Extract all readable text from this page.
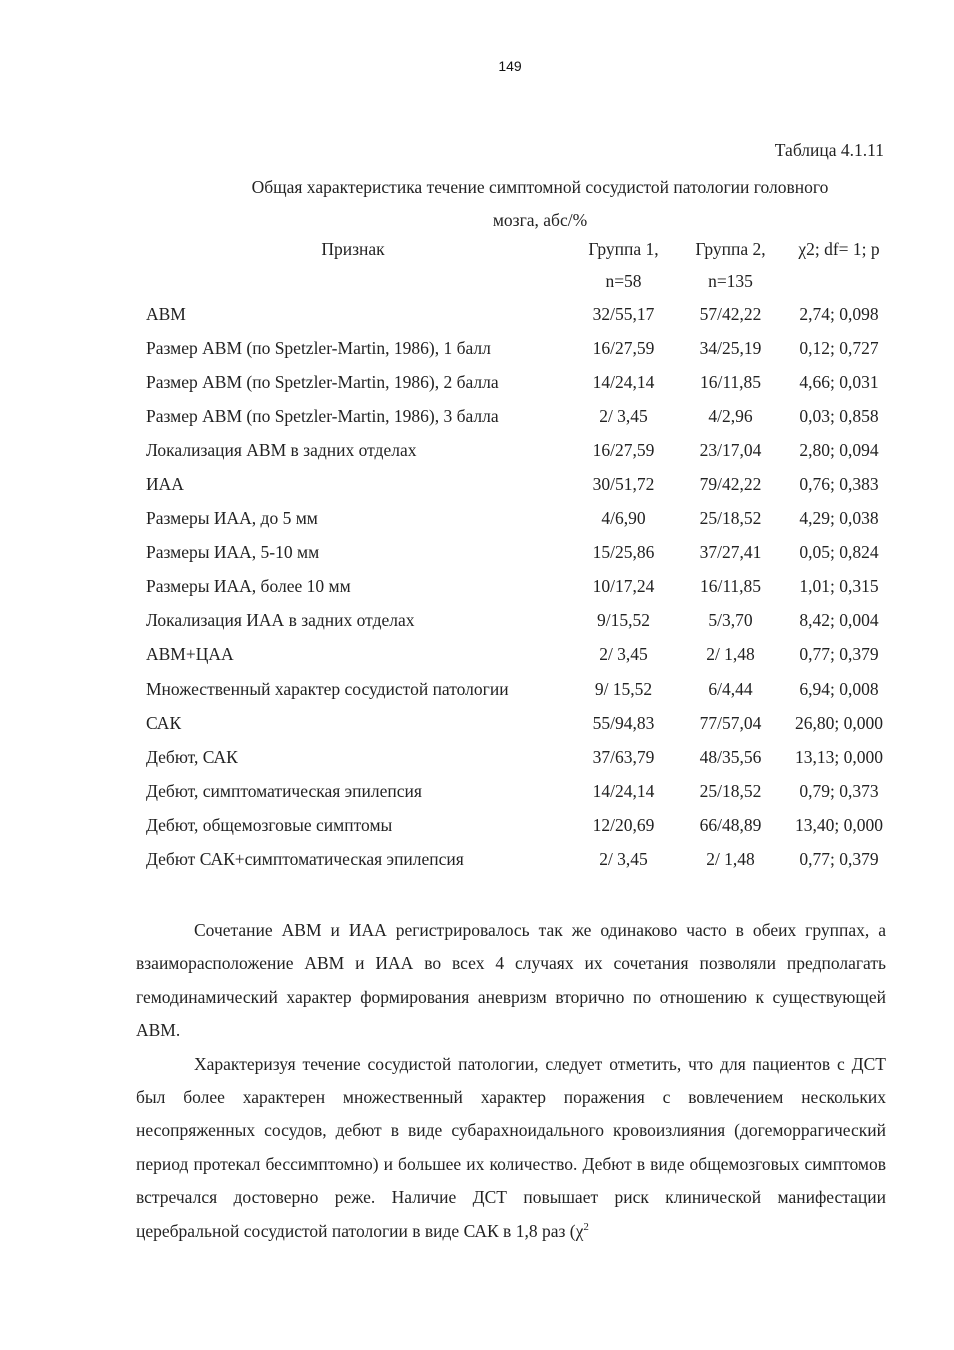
149
Таблица 4.1.11
Общая характеристика течение симптомной сосудистой патологии головного
мозга, абс/%
Признак	Группа 1,	Группа 2,	χ2; df= 1; p
	n=58	n=135	
АВМ	32/55,17	57/42,22	2,74; 0,098
Размер АВМ (по Spetzler-Martin, 1986), 1 балл	16/27,59	34/25,19	0,12; 0,727
Размер АВМ (по Spetzler-Martin, 1986), 2 балла	14/24,14	16/11,85	4,66; 0,031
Размер АВМ (по Spetzler-Martin, 1986), 3 балла	2/ 3,45	4/2,96	0,03; 0,858
Локализация АВМ в задних отделах	16/27,59	23/17,04	2,80; 0,094
ИАА	30/51,72	79/42,22	0,76; 0,383
Размеры ИАА, до 5 мм	4/6,90	25/18,52	4,29; 0,038
Размеры ИАА, 5-10 мм	15/25,86	37/27,41	0,05; 0,824
Размеры ИАА, более 10 мм	10/17,24	16/11,85	1,01; 0,315
Локализация ИАА в задних отделах	9/15,52	5/3,70	8,42; 0,004
АВМ+ЦАА	2/ 3,45	2/ 1,48	0,77; 0,379
Множественный характер сосудистой патологии	9/ 15,52	6/4,44	6,94; 0,008
САК	55/94,83	77/57,04	26,80; 0,000
Дебют, САК	37/63,79	48/35,56	13,13; 0,000
Дебют, симптоматическая эпилепсия	14/24,14	25/18,52	0,79; 0,373
Дебют, общемозговые симптомы	12/20,69	66/48,89	13,40; 0,000
Дебют САК+симптоматическая эпилепсия	2/ 3,45	2/ 1,48	0,77; 0,379

Сочетание АВМ и ИАА регистрировалось так же одинаково часто в обеих группах, а взаиморасположение АВМ и ИАА во всех 4 случаях их сочетания позволяли предполагать гемодинамический характер формирования аневризм вторично по отношению к существующей АВМ.

Характеризуя течение сосудистой патологии, следует отметить, что для пациентов с ДСТ был более характерен множественный характер поражения с вовлечением нескольких несопряженных сосудов, дебют в виде субарахноидального кровоизлияния (догеморрагический период протекал бессимптомно) и большее их количество. Дебют в виде общемозговых симптомов встречался достоверно реже. Наличие ДСТ повышает риск клинической манифестации церебральной сосудистой патологии в виде САК в 1,8 раз ($\chi^2$
